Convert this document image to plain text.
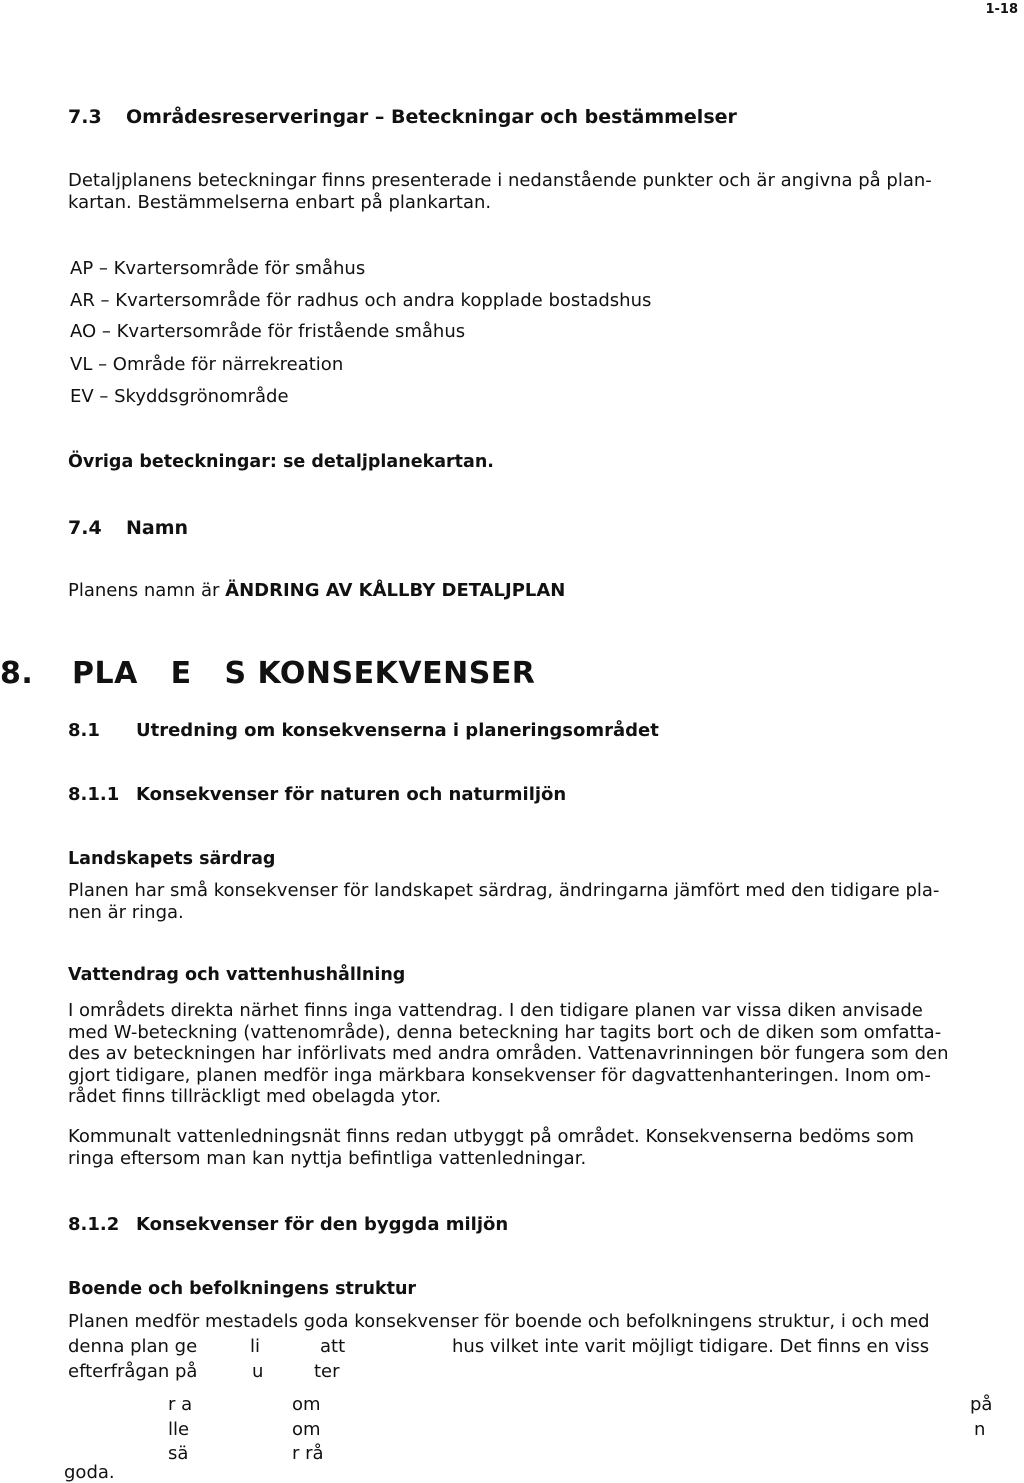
1-18
7.3 Områdesreserveringar – Beteckningar och bestämmelser
Detaljplanens beteckningar finns presenterade i nedanstående punkter och är angivna på plan-
kartan. Bestämmelserna enbart på plankartan.
AP – Kvartersområde för småhus
AR – Kvartersområde för radhus och andra kopplade bostadshus
AO – Kvartersområde för fristående småhus
VL – Område för närrekreation
EV – Skyddsgrönområde
Övriga beteckningar: se detaljplanekartan.
7.4 Namn
Planens namn är ÄNDRING AV KÅLLBY DETALJPLAN
8. PLA   E   S KONSEKVENSER
8.1 Utredning om konsekvenserna i planeringsområdet
8.1.1 Konsekvenser för naturen och naturmiljön
Landskapets särdrag
Planen har små konsekvenser för landskapet särdrag, ändringarna jämfört med den tidigare pla-
nen är ringa.
Vattendrag och vattenhushållning
I områdets direkta närhet finns inga vattendrag. I den tidigare planen var vissa diken anvisade
med W-beteckning (vattenområde), denna beteckning har tagits bort och de diken som omfatta-
des av beteckningen har införlivats med andra områden. Vattenavrinningen bör fungera som den
gjort tidigare, planen medför inga märkbara konsekvenser för dagvattenhanteringen. Inom om-
rådet finns tillräckligt med obelagda ytor.
Kommunalt vattenledningsnät finns redan utbyggt på området. Konsekvenserna bedöms som
ringa eftersom man kan nyttja befintliga vattenledningar.
8.1.2 Konsekvenser för den byggda miljön
Boende och befolkningens struktur
Planen medför mestadels goda konsekvenser för boende och befolkningens struktur, i och med
denna plan ge	li	att	hus vilket inte varit möjligt tidigare. Det finns en viss
efterfrågan på	u	ter
r a	om	på
lle	om	n
sä	r rå
goda.
